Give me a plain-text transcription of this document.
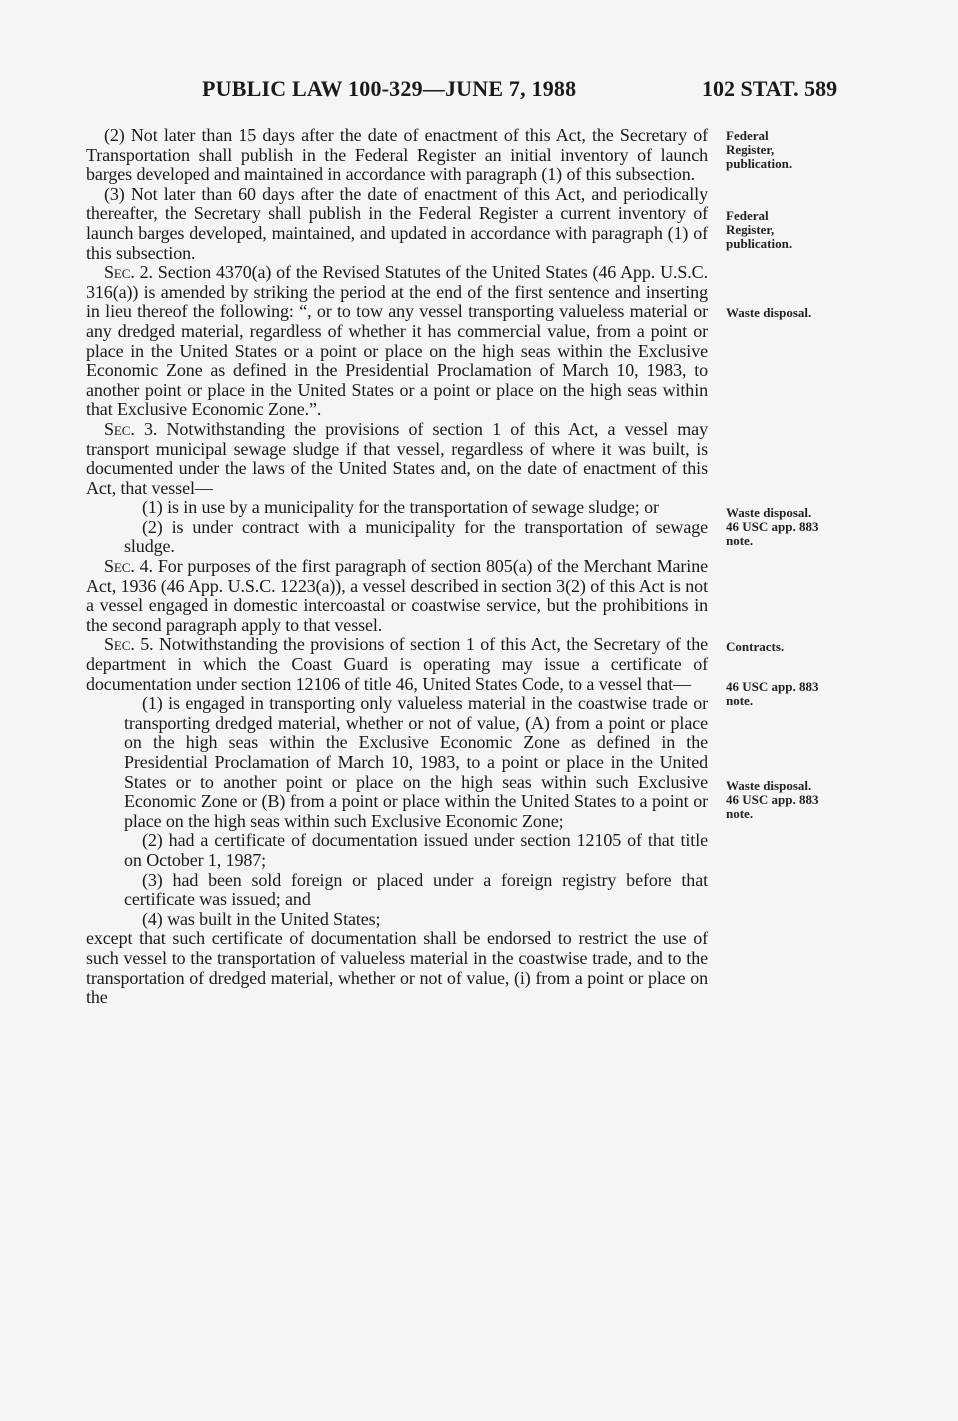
PUBLIC LAW 100-329—JUNE 7, 1988	102 STAT. 589

(2) Not later than 15 days after the date of enactment of this Act, the Secretary of Transportation shall publish in the Federal Register an initial inventory of launch barges developed and maintained in accordance with paragraph (1) of this subsection.

(3) Not later than 60 days after the date of enactment of this Act, and periodically thereafter, the Secretary shall publish in the Federal Register a current inventory of launch barges developed, maintained, and updated in accordance with paragraph (1) of this subsection.

Sec. 2. Section 4370(a) of the Revised Statutes of the United States (46 App. U.S.C. 316(a)) is amended by striking the period at the end of the first sentence and inserting in lieu thereof the following: “, or to tow any vessel transporting valueless material or any dredged material, regardless of whether it has commercial value, from a point or place in the United States or a point or place on the high seas within the Exclusive Economic Zone as defined in the Presidential Proclamation of March 10, 1983, to another point or place in the United States or a point or place on the high seas within that Exclusive Economic Zone.”.

Sec. 3. Notwithstanding the provisions of section 1 of this Act, a vessel may transport municipal sewage sludge if that vessel, regardless of where it was built, is documented under the laws of the United States and, on the date of enactment of this Act, that vessel—

(1) is in use by a municipality for the transportation of sewage sludge; or

(2) is under contract with a municipality for the transportation of sewage sludge.

Sec. 4. For purposes of the first paragraph of section 805(a) of the Merchant Marine Act, 1936 (46 App. U.S.C. 1223(a)), a vessel described in section 3(2) of this Act is not a vessel engaged in domestic intercoastal or coastwise service, but the prohibitions in the second paragraph apply to that vessel.

Sec. 5. Notwithstanding the provisions of section 1 of this Act, the Secretary of the department in which the Coast Guard is operating may issue a certificate of documentation under section 12106 of title 46, United States Code, to a vessel that—

(1) is engaged in transporting only valueless material in the coastwise trade or transporting dredged material, whether or not of value, (A) from a point or place on the high seas within the Exclusive Economic Zone as defined in the Presidential Proclamation of March 10, 1983, to a point or place in the United States or to another point or place on the high seas within such Exclusive Economic Zone or (B) from a point or place within the United States to a point or place on the high seas within such Exclusive Economic Zone;

(2) had a certificate of documentation issued under section 12105 of that title on October 1, 1987;

(3) had been sold foreign or placed under a foreign registry before that certificate was issued; and

(4) was built in the United States;

except that such certificate of documentation shall be endorsed to restrict the use of such vessel to the transportation of valueless material in the coastwise trade, and to the transportation of dredged material, whether or not of value, (i) from a point or place on the

Federal
Register,
publication.
Federal
Register,
publication.
Waste disposal.
Waste disposal.
46 USC app. 883
note.
Contracts.
46 USC app. 883
note.
Waste disposal.
46 USC app. 883
note.
